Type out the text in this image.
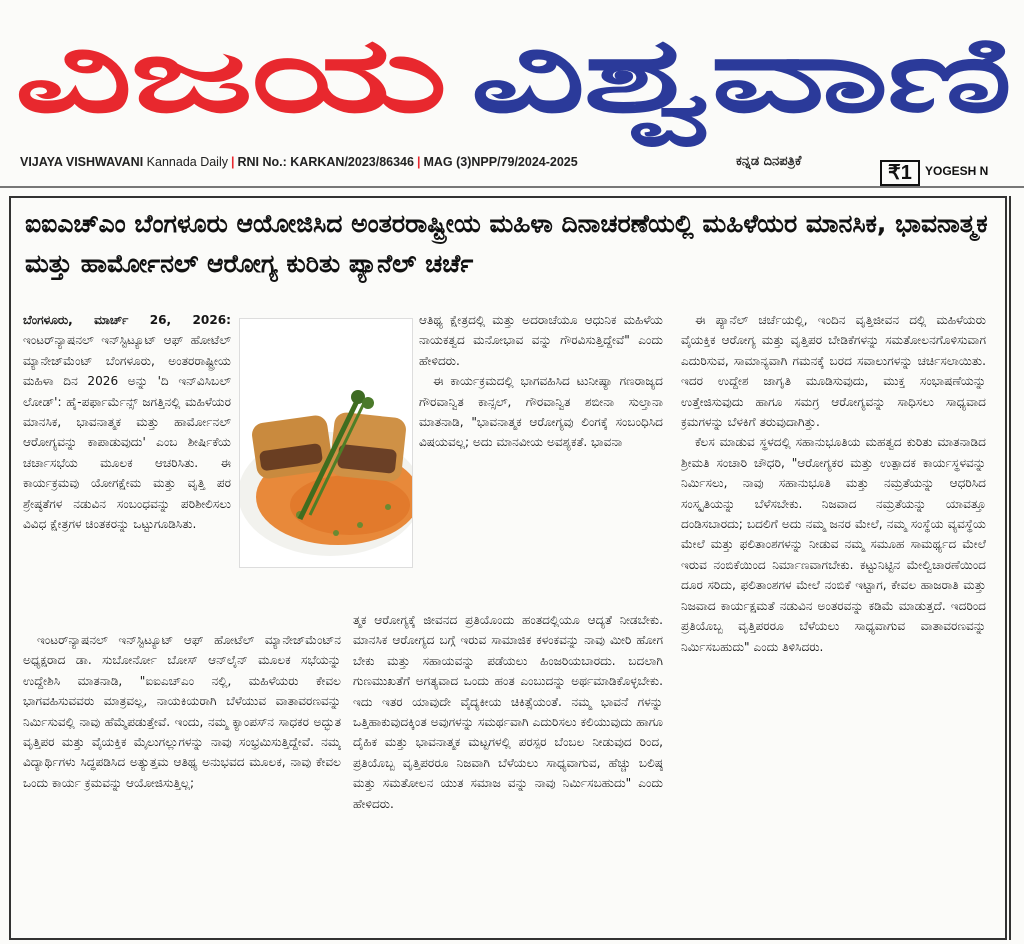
ವಿಜಯ ವಿಶ್ವವಾಣಿ
VIJAYA VISHWAVANI Kannada Daily | RNI No.: KARKAN/2023/86346 | MAG (3)NPP/79/2024-2025	ಕನ್ನಡ ದಿನಪತ್ರಿಕೆ
₹1	YOGESH N
ಐಐಎಚ್‌ಎಂ ಬೆಂಗಳೂರು ಆಯೋಜಿಸಿದ ಅಂತರರಾಷ್ಟ್ರೀಯ ಮಹಿಳಾ ದಿನಾಚರಣೆಯಲ್ಲಿ ಮಹಿಳೆಯರ ಮಾನಸಿಕ, ಭಾವನಾತ್ಮಕ ಮತ್ತು ಹಾರ್ಮೋನಲ್ ಆರೋಗ್ಯ ಕುರಿತು ಪ್ಯಾನೆಲ್ ಚರ್ಚೆ

ಬೆಂಗಳೂರು, ಮಾರ್ಚ್ 26, 2026: ಇಂಟರ್‌ನ್ಯಾಷನಲ್ ಇನ್‌ಸ್ಟಿಟ್ಯೂಟ್ ಆಫ್ ಹೋಟೆಲ್ ಮ್ಯಾನೇಜ್‌ಮೆಂಟ್ ಬೆಂಗಳೂರು, ಅಂತರರಾಷ್ಟ್ರೀಯ ಮಹಿಳಾ ದಿನ 2026 ಅನ್ನು 'ದಿ ಇನ್‌ವಿಸಿಬಲ್ ಲೋಡ್': ಹೈ-ಪರ್ಫಾರ್ಮೆನ್ಸ್ ಜಗತ್ತಿನಲ್ಲಿ ಮಹಿಳೆಯರ ಮಾನಸಿಕ, ಭಾವನಾತ್ಮಕ ಮತ್ತು ಹಾರ್ಮೋನಲ್ ಆರೋಗ್ಯವನ್ನು ಕಾಪಾಡುವುದು' ಎಂಬ ಶೀರ್ಷಿಕೆಯ ಚರ್ಚಾಸಭೆಯ ಮೂಲಕ ಆಚರಿಸಿತು. ಈ ಕಾರ್ಯಕ್ರಮವು ಯೋಗಕ್ಷೇಮ ಮತ್ತು ವೃತ್ತಿ ಪರ ಶ್ರೇಷ್ಠತೆಗಳ ನಡುವಿನ ಸಂಬಂಧವನ್ನು ಪರಿಶೀಲಿಸಲು ವಿವಿಧ ಕ್ಷೇತ್ರಗಳ ಚಿಂತಕರನ್ನು ಒಟ್ಟುಗೂಡಿಸಿತು.

ಆತಿಥ್ಯ ಕ್ಷೇತ್ರದಲ್ಲಿ ಮತ್ತು ಅದರಾಚೆಯೂ ಆಧುನಿಕ ಮಹಿಳೆಯ ನಾಯಕತ್ವದ ಮನೋಭಾವ ವನ್ನು ಗೌರವಿಸುತ್ತಿದ್ದೇವೆ" ಎಂದು ಹೇಳಿದರು.

ಈ ಕಾರ್ಯಕ್ರಮದಲ್ಲಿ ಭಾಗವಹಿಸಿದ ಟುನೀಷ್ಯಾ ಗಣರಾಜ್ಯದ ಗೌರವಾನ್ವಿತ ಕಾನ್ಸಲ್, ಗೌರವಾನ್ವಿತ ಶಬೀನಾ ಸುಲ್ತಾನಾ ಮಾತನಾಡಿ, "ಭಾವನಾತ್ಮಕ ಆರೋಗ್ಯವು ಲಿಂಗಕ್ಕೆ ಸಂಬಂಧಿಸಿದ ವಿಷಯವಲ್ಲ; ಅದು ಮಾನವೀಯ ಅವಶ್ಯಕತೆ. ಭಾವನಾ

ಈ ಪ್ಯಾನೆಲ್ ಚರ್ಚೆಯಲ್ಲಿ, ಇಂದಿನ ವೃತ್ತಿಜೀವನ ದಲ್ಲಿ ಮಹಿಳೆಯರು ವೈಯಕ್ತಿಕ ಆರೋಗ್ಯ ಮತ್ತು ವೃತ್ತಿಪರ ಬೇಡಿಕೆಗಳನ್ನು ಸಮತೋಲನಗೊಳಿಸುವಾಗ ಎದುರಿಸುವ, ಸಾಮಾನ್ಯವಾಗಿ ಗಮನಕ್ಕೆ ಬರದ ಸವಾಲುಗಳನ್ನು ಚರ್ಚಿಸಲಾಯಿತು. ಇದರ ಉದ್ದೇಶ ಜಾಗೃತಿ ಮೂಡಿಸುವುದು, ಮುಕ್ತ ಸಂಭಾಷಣೆಯನ್ನು ಉತ್ತೇಜಿಸುವುದು ಹಾಗೂ ಸಮಗ್ರ ಆರೋಗ್ಯವನ್ನು ಸಾಧಿಸಲು ಸಾಧ್ಯವಾದ ಕ್ರಮಗಳನ್ನು ಬೆಳಕಿಗೆ ತರುವುದಾಗಿತ್ತು.

ಕೆಲಸ ಮಾಡುವ ಸ್ಥಳದಲ್ಲಿ ಸಹಾನುಭೂತಿಯ ಮಹತ್ವದ ಕುರಿತು ಮಾತನಾಡಿದ ಶ್ರೀಮತಿ ಸಂಚಾರಿ ಚೌಧರಿ, "ಆರೋಗ್ಯಕರ ಮತ್ತು ಉತ್ಪಾದಕ ಕಾರ್ಯಸ್ಥಳವನ್ನು ನಿರ್ಮಿಸಲು, ನಾವು ಸಹಾನುಭೂತಿ ಮತ್ತು ನಮ್ರತೆಯನ್ನು ಆಧರಿಸಿದ ಸಂಸ್ಕೃತಿಯನ್ನು ಬೆಳೆಸಬೇಕು. ನಿಜವಾದ ನಮ್ರತೆಯನ್ನು ಯಾವತ್ತೂ ದಂಡಿಸಬಾರದು; ಬದಲಿಗೆ ಅದು ನಮ್ಮ ಜನರ ಮೇಲೆ, ನಮ್ಮ ಸಂಸ್ಥೆಯ ವ್ಯವಸ್ಥೆಯ ಮೇಲೆ ಮತ್ತು ಫಲಿತಾಂಶಗಳನ್ನು ನೀಡುವ ನಮ್ಮ ಸಮೂಹ ಸಾಮರ್ಥ್ಯದ ಮೇಲೆ ಇರುವ ನಂಬಿಕೆಯಿಂದ ನಿರ್ಮಾಣವಾಗಬೇಕು. ಕಟ್ಟುನಿಟ್ಟಿನ ಮೇಲ್ವಿಚಾರಣೆಯಿಂದ ದೂರ ಸರಿದು, ಫಲಿತಾಂಶಗಳ ಮೇಲೆ ನಂಬಿಕೆ ಇಟ್ಟಾಗ, ಕೇವಲ ಹಾಜರಾತಿ ಮತ್ತು ನಿಜವಾದ ಕಾರ್ಯಕ್ಷಮತೆ ನಡುವಿನ ಅಂತರವನ್ನು ಕಡಿಮೆ ಮಾಡುತ್ತದೆ. ಇದರಿಂದ ಪ್ರತಿಯೊಬ್ಬ ವೃತ್ತಿಪರರೂ ಬೆಳೆಯಲು ಸಾಧ್ಯವಾಗುವ ವಾತಾವರಣವನ್ನು ನಿರ್ಮಿಸಬಹುದು" ಎಂದು ತಿಳಿಸಿದರು.

ಇಂಟರ್‌ನ್ಯಾಷನಲ್ ಇನ್‌ಸ್ಟಿಟ್ಯೂಟ್ ಆಫ್ ಹೋಟೆಲ್ ಮ್ಯಾನೇಜ್‌ಮೆಂಟ್‌ನ ಅಧ್ಯಕ್ಷರಾದ ಡಾ. ಸುಬೋರ್ನೋ ಬೋಸ್ ಆನ್‌ಲೈನ್ ಮೂಲಕ ಸಭೆಯನ್ನು ಉದ್ದೇಶಿಸಿ ಮಾತನಾಡಿ, "ಐಐಎಚ್‌ಎಂ ನಲ್ಲಿ, ಮಹಿಳೆಯರು ಕೇವಲ ಭಾಗವಹಿಸುವವರು ಮಾತ್ರವಲ್ಲ, ನಾಯಕಿಯರಾಗಿ ಬೆಳೆಯುವ ವಾತಾವರಣವನ್ನು ನಿರ್ಮಿಸುವಲ್ಲಿ ನಾವು ಹೆಮ್ಮೆಪಡುತ್ತೇವೆ. ಇಂದು, ನಮ್ಮ ಕ್ಯಾಂಪಸ್‌ನ ಸಾಧಕರ ಅದ್ಭುತ ವೃತ್ತಿಪರ ಮತ್ತು ವೈಯಕ್ತಿಕ ಮೈಲುಗಲ್ಲುಗಳನ್ನು ನಾವು ಸಂಭ್ರಮಿಸುತ್ತಿದ್ದೇವೆ. ನಮ್ಮ ವಿದ್ಯಾರ್ಥಿಗಳು ಸಿದ್ಧಪಡಿಸಿದ ಅತ್ಯುತ್ತಮ ಆತಿಥ್ಯ ಅನುಭವದ ಮೂಲಕ, ನಾವು ಕೇವಲ ಒಂದು ಕಾರ್ಯ ಕ್ರಮವನ್ನು ಆಯೋಜಿಸುತ್ತಿಲ್ಲ;

ತ್ಮಕ ಆರೋಗ್ಯಕ್ಕೆ ಜೀವನದ ಪ್ರತಿಯೊಂದು ಹಂತದಲ್ಲಿಯೂ ಆದ್ಯತೆ ನೀಡಬೇಕು. ಮಾನಸಿಕ ಆರೋಗ್ಯದ ಬಗ್ಗೆ ಇರುವ ಸಾಮಾಜಿಕ ಕಳಂಕವನ್ನು ನಾವು ಮೀರಿ ಹೋಗ ಬೇಕು ಮತ್ತು ಸಹಾಯವನ್ನು ಪಡೆಯಲು ಹಿಂಜರಿಯಬಾರದು. ಬದಲಾಗಿ ಗುಣಮುಖತೆಗೆ ಅಗತ್ಯವಾದ ಒಂದು ಹಂತ ಎಂಬುದನ್ನು ಅರ್ಥಮಾಡಿಕೊಳ್ಳಬೇಕು. ಇದು ಇತರ ಯಾವುದೇ ವೈದ್ಯಕೀಯ ಚಿಕಿತ್ಸೆಯಂತೆ. ನಮ್ಮ ಭಾವನೆ ಗಳನ್ನು ಒತ್ತಿಹಾಕುವುದಕ್ಕಿಂತ ಅವುಗಳನ್ನು ಸಮರ್ಥವಾಗಿ ಎದುರಿಸಲು ಕಲಿಯುವುದು ಹಾಗೂ ದೈಹಿಕ ಮತ್ತು ಭಾವನಾತ್ಮಕ ಮಟ್ಟಗಳಲ್ಲಿ ಪರಸ್ಪರ ಬೆಂಬಲ ನೀಡುವುದ ರಿಂದ, ಪ್ರತಿಯೊಬ್ಬ ವೃತ್ತಿಪರರೂ ನಿಜವಾಗಿ ಬೆಳೆಯಲು ಸಾಧ್ಯವಾಗುವ, ಹೆಚ್ಚು ಬಲಿಷ್ಠ ಮತ್ತು ಸಮತೋಲನ ಯುತ ಸಮಾಜ ವನ್ನು ನಾವು ನಿರ್ಮಿಸಬಹುದು" ಎಂದು ಹೇಳಿದರು.
